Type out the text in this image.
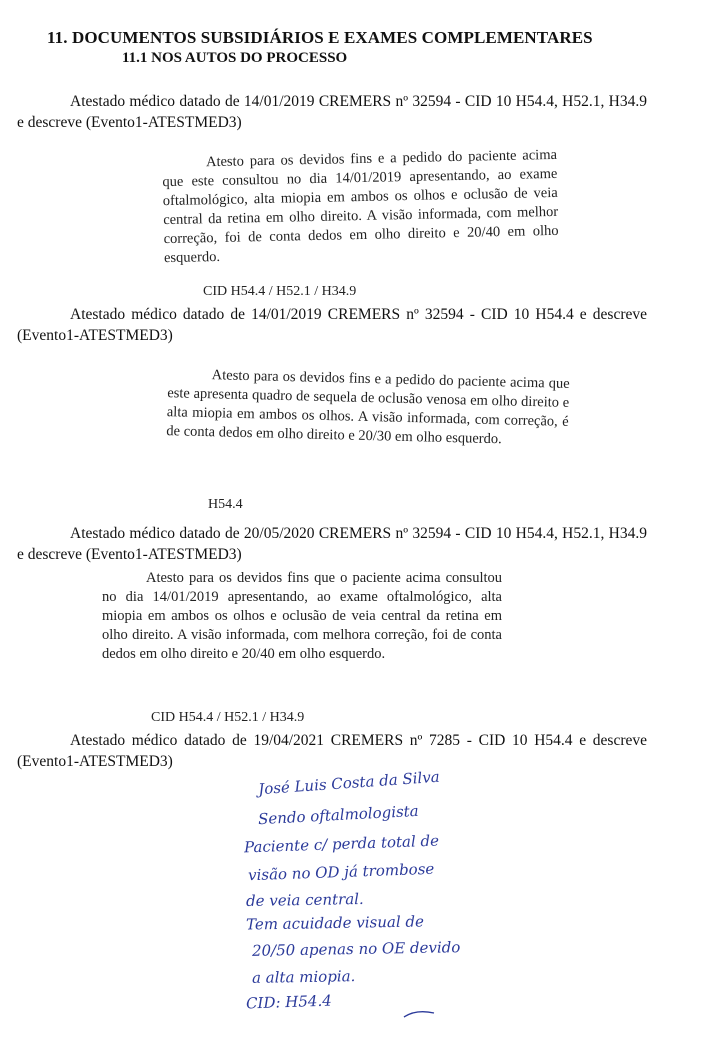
11. DOCUMENTOS SUBSIDIÁRIOS E EXAMES COMPLEMENTARES
11.1 NOS AUTOS DO PROCESSO
Atestado médico datado de 14/01/2019 CREMERS nº 32594 - CID 10 H54.4, H52.1, H34.9 e descreve (Evento1-ATESTMED3)
Atesto para os devidos fins e a pedido do paciente acima que este consultou no dia 14/01/2019 apresentando, ao exame oftalmológico, alta miopia em ambos os olhos e oclusão de veia central da retina em olho direito. A visão informada, com melhor correção, foi de conta dedos em olho direito e 20/40 em olho esquerdo.
CID H54.4 / H52.1 / H34.9
Atestado médico datado de 14/01/2019 CREMERS nº 32594 - CID 10 H54.4 e descreve (Evento1-ATESTMED3)
Atesto para os devidos fins e a pedido do paciente acima que este apresenta quadro de sequela de oclusão venosa em olho direito e alta miopia em ambos os olhos. A visão informada, com correção, é de conta dedos em olho direito e 20/30 em olho esquerdo.
H54.4
Atestado médico datado de 20/05/2020 CREMERS nº 32594 - CID 10 H54.4, H52.1, H34.9 e descreve (Evento1-ATESTMED3)
Atesto para os devidos fins que o paciente acima consultou no dia 14/01/2019 apresentando, ao exame oftalmológico, alta miopia em ambos os olhos e oclusão de veia central da retina em olho direito. A visão informada, com melhora correção, foi de conta dedos em olho direito e 20/40 em olho esquerdo.
CID H54.4 / H52.1 / H34.9
Atestado médico datado de 19/04/2021 CREMERS nº 7285 - CID 10 H54.4 e descreve (Evento1-ATESTMED3)
José Luis Costa da Silva
Sendo oftalmologista
Paciente c/ perda total de
visão no OD já trombose
de veia central.
Tem acuidade visual de
20/50 apenas no OE devido
a alta miopia.
CID: H54.4
